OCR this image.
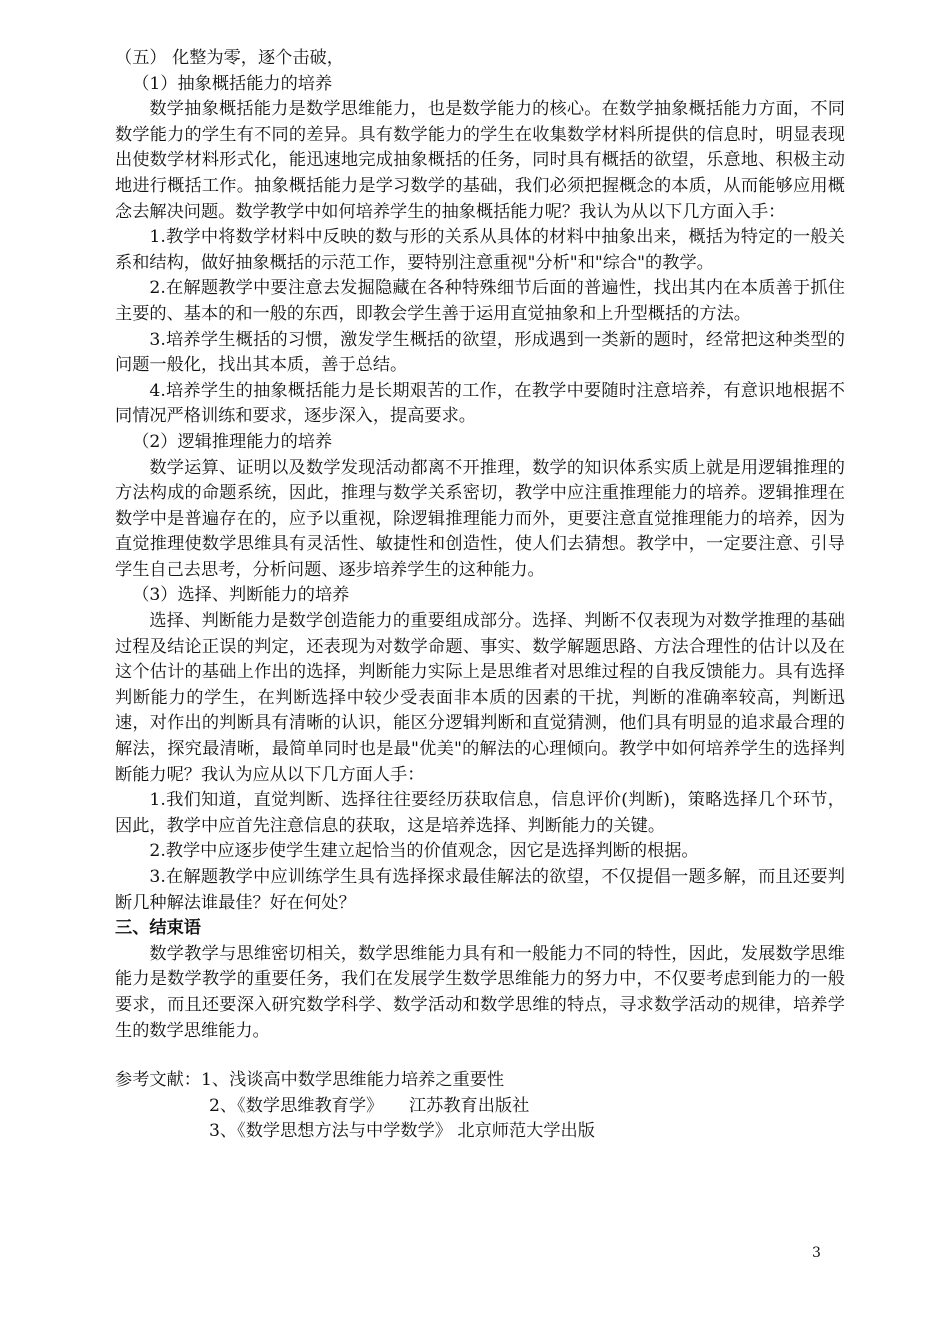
（五） 化整为零，逐个击破，

（1）抽象概括能力的培养

数学抽象概括能力是数学思维能力，也是数学能力的核心。在数学抽象概括能力方面，不同数学能力的学生有不同的差异。具有数学能力的学生在收集数学材料所提供的信息时，明显表现出使数学材料形式化，能迅速地完成抽象概括的任务，同时具有概括的欲望，乐意地、积极主动地进行概括工作。抽象概括能力是学习数学的基础，我们必须把握概念的本质，从而能够应用概念去解决问题。数学教学中如何培养学生的抽象概括能力呢？我认为从以下几方面入手：

1.教学中将数学材料中反映的数与形的关系从具体的材料中抽象出来，概括为特定的一般关系和结构，做好抽象概括的示范工作，要特别注意重视"分析"和"综合"的教学。

2.在解题教学中要注意去发掘隐藏在各种特殊细节后面的普遍性，找出其内在本质善于抓住主要的、基本的和一般的东西，即教会学生善于运用直觉抽象和上升型概括的方法。

3.培养学生概括的习惯，激发学生概括的欲望，形成遇到一类新的题时，经常把这种类型的问题一般化，找出其本质，善于总结。

4.培养学生的抽象概括能力是长期艰苦的工作，在教学中要随时注意培养，有意识地根据不同情况严格训练和要求，逐步深入，提高要求。

（2）逻辑推理能力的培养

数学运算、证明以及数学发现活动都离不开推理，数学的知识体系实质上就是用逻辑推理的方法构成的命题系统，因此，推理与数学关系密切，教学中应注重推理能力的培养。逻辑推理在数学中是普遍存在的，应予以重视，除逻辑推理能力而外，更要注意直觉推理能力的培养，因为直觉推理使数学思维具有灵活性、敏捷性和创造性，使人们去猜想。教学中，一定要注意、引导学生自己去思考，分析问题、逐步培养学生的这种能力。

（3）选择、判断能力的培养

选择、判断能力是数学创造能力的重要组成部分。选择、判断不仅表现为对数学推理的基础过程及结论正误的判定，还表现为对数学命题、事实、数学解题思路、方法合理性的估计以及在这个估计的基础上作出的选择，判断能力实际上是思维者对思维过程的自我反馈能力。具有选择判断能力的学生，在判断选择中较少受表面非本质的因素的干扰，判断的准确率较高，判断迅速，对作出的判断具有清晰的认识，能区分逻辑判断和直觉猜测，他们具有明显的追求最合理的解法，探究最清晰，最简单同时也是最"优美"的解法的心理倾向。教学中如何培养学生的选择判断能力呢？我认为应从以下几方面人手：

1.我们知道，直觉判断、选择往往要经历获取信息，信息评价(判断)，策略选择几个环节，因此，教学中应首先注意信息的获取，这是培养选择、判断能力的关键。

2.教学中应逐步使学生建立起恰当的价值观念，因它是选择判断的根据。

3.在解题教学中应训练学生具有选择探求最佳解法的欲望，不仅提倡一题多解，而且还要判断几种解法谁最佳？好在何处？

三、结束语

数学教学与思维密切相关，数学思维能力具有和一般能力不同的特性，因此，发展数学思维能力是数学教学的重要任务，我们在发展学生数学思维能力的努力中，不仅要考虑到能力的一般要求，而且还要深入研究数学科学、数学活动和数学思维的特点，寻求数学活动的规律，培养学生的数学思维能力。

参考文献：1、浅谈高中数学思维能力培养之重要性

2、《数学思维教育学》　　江苏教育出版社

3、《数学思想方法与中学数学》 北京师范大学出版

3
